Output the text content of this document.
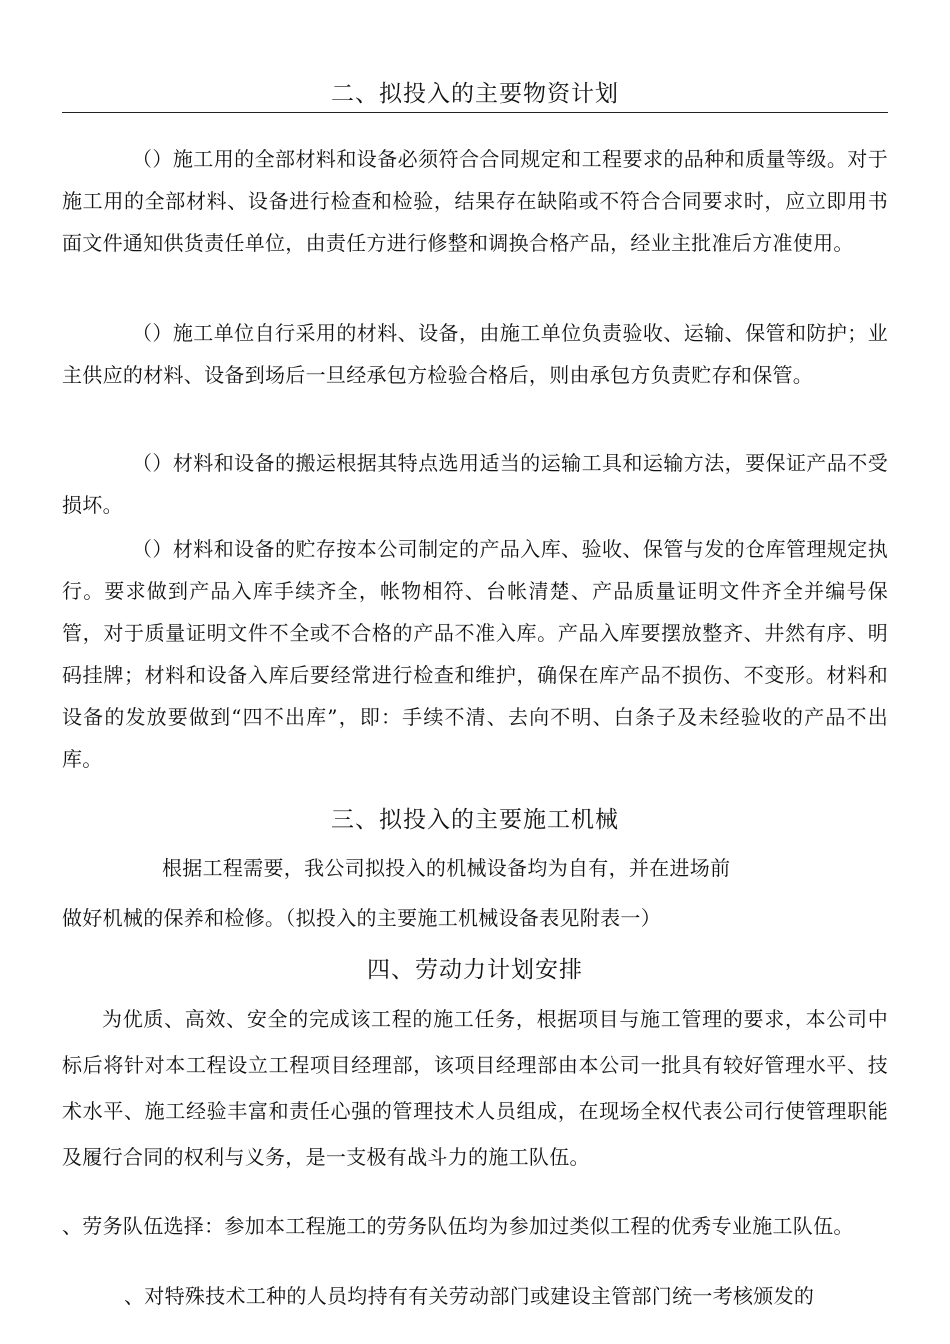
二、拟投入的主要物资计划

（）施工用的全部材料和设备必须符合合同规定和工程要求的品种和质量等级。对于施工用的全部材料、设备进行检查和检验，结果存在缺陷或不符合合同要求时，应立即用书面文件通知供货责任单位，由责任方进行修整和调换合格产品，经业主批准后方准使用。

（）施工单位自行采用的材料、设备，由施工单位负责验收、运输、保管和防护；业主供应的材料、设备到场后一旦经承包方检验合格后，则由承包方负责贮存和保管。

（）材料和设备的搬运根据其特点选用适当的运输工具和运输方法，要保证产品不受损坏。

（）材料和设备的贮存按本公司制定的产品入库、验收、保管与发的仓库管理规定执行。要求做到产品入库手续齐全，帐物相符、台帐清楚、产品质量证明文件齐全并编号保管，对于质量证明文件不全或不合格的产品不准入库。产品入库要摆放整齐、井然有序、明码挂牌；材料和设备入库后要经常进行检查和维护，确保在库产品不损伤、不变形。材料和设备的发放要做到“四不出库”，即：手续不清、去向不明、白条子及未经验收的产品不出库。

三、拟投入的主要施工机械
根据工程需要，我公司拟投入的机械设备均为自有，并在进场前
做好机械的保养和检修。（拟投入的主要施工机械设备表见附表一）
四、劳动力计划安排

为优质、高效、安全的完成该工程的施工任务，根据项目与施工管理的要求，本公司中标后将针对本工程设立工程项目经理部，该项目经理部由本公司一批具有较好管理水平、技术水平、施工经验丰富和责任心强的管理技术人员组成，在现场全权代表公司行使管理职能及履行合同的权利与义务，是一支极有战斗力的施工队伍。

、劳务队伍选择：参加本工程施工的劳务队伍均为参加过类似工程的优秀专业施工队伍。

、对特殊技术工种的人员均持有有关劳动部门或建设主管部门统一考核颁发的
